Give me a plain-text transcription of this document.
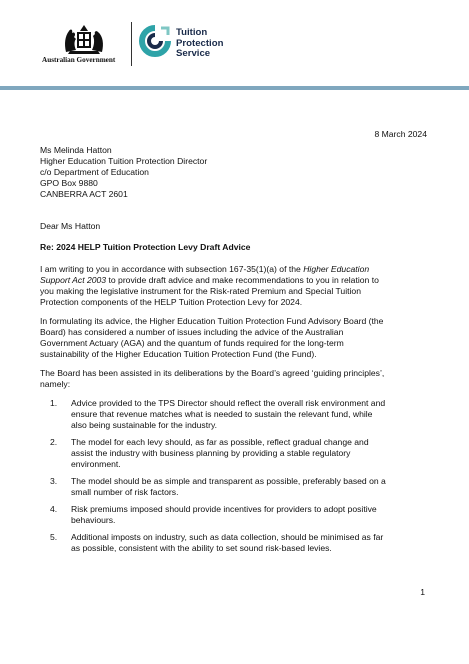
Australian Government
Tuition
Protection
Service
8 March 2024
Ms Melinda Hatton
Higher Education Tuition Protection Director
c/o Department of Education
GPO Box 9880
CANBERRA ACT 2601
Dear Ms Hatton
Re: 2024 HELP Tuition Protection Levy Draft Advice
I am writing to you in accordance with subsection 167-35(1)(a) of the Higher Education
Support Act 2003 to provide draft advice and make recommendations to you in relation to
you making the legislative instrument for the Risk-rated Premium and Special Tuition
Protection components of the HELP Tuition Protection Levy for 2024.
In formulating its advice, the Higher Education Tuition Protection Fund Advisory Board (the
Board) has considered a number of issues including the advice of the Australian
Government Actuary (AGA) and the quantum of funds required for the long-term
sustainability of the Higher Education Tuition Protection Fund (the Fund).
The Board has been assisted in its deliberations by the Board’s agreed ‘guiding principles’,
namely:
1. Advice provided to the TPS Director should reflect the overall risk environment and
ensure that revenue matches what is needed to sustain the relevant fund, while
also being sustainable for the industry.
2. The model for each levy should, as far as possible, reflect gradual change and
assist the industry with business planning by providing a stable regulatory
environment.
3. The model should be as simple and transparent as possible, preferably based on a
small number of risk factors.
4. Risk premiums imposed should provide incentives for providers to adopt positive
behaviours.
5. Additional imposts on industry, such as data collection, should be minimised as far
as possible, consistent with the ability to set sound risk-based levies.
1
